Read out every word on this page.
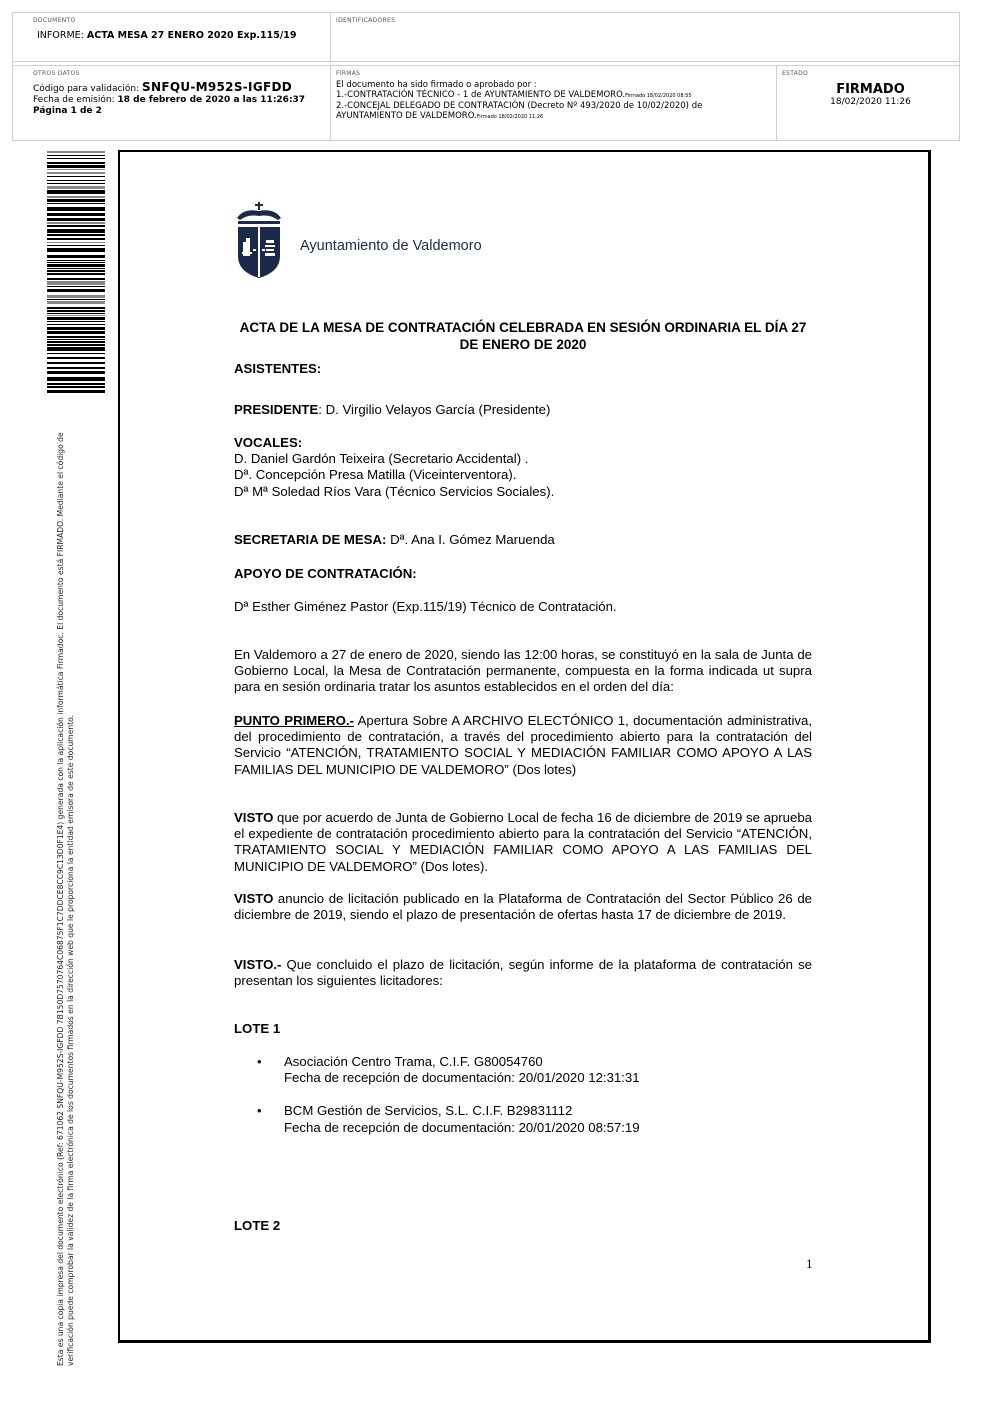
DOCUMENTO
INFORME: ACTA MESA 27 ENERO 2020 Exp.115/19
IDENTIFICADORES
OTROS DATOS
Código para validación: SNFQU-M952S-IGFDD
Fecha de emisión: 18 de febrero de 2020 a las 11:26:37
Página 1 de 2
FIRMAS
El documento ha sido firmado o aprobado por :
1.-CONTRATACIÓN TÉCNICO - 1 de AYUNTAMIENTO DE VALDEMORO.Firmado 18/02/2020 08:55
2.-CONCEJAL DELEGADO DE CONTRATACIÓN (Decreto Nº 493/2020 de 10/02/2020) de
AYUNTAMIENTO DE VALDEMORO.Firmado 18/02/2020 11:26
ESTADO
FIRMADO
18/02/2020 11:26
Esta es una copia impresa del documento electrónico (Ref: 671062 SNFQU-M952S-IGFDD 7B150D7570764C06875F1C7DDCE8CC9C13D0F1E4) generada con la aplicación informática Firmadoc. El documento está FIRMADO. Mediante el código de verificación puede comprobar la validez de la firma electrónica de los documentos firmados en la dirección web que le proporciona la entidad emisora de este documento.
Ayuntamiento de Valdemoro
ACTA DE LA MESA DE CONTRATACIÓN CELEBRADA EN SESIÓN ORDINARIA EL DÍA 27
DE ENERO DE 2020
ASISTENTES:
PRESIDENTE: D. Virgilio Velayos García (Presidente)
VOCALES:
D. Daniel Gardón Teixeira (Secretario Accidental) .
Dª. Concepción Presa Matilla (Viceinterventora).
Dª Mª Soledad Ríos Vara (Técnico Servicios Sociales).
SECRETARIA DE MESA: Dª. Ana I. Gómez Maruenda
APOYO DE CONTRATACIÓN:
Dª Esther Giménez Pastor (Exp.115/19) Técnico de Contratación.
En Valdemoro a 27 de enero de 2020, siendo las 12:00 horas, se constituyó en la sala de Junta de Gobierno Local, la Mesa de Contratación permanente, compuesta en la forma indicada ut supra para en sesión ordinaria tratar los asuntos establecidos en el orden del día:
PUNTO PRIMERO.- Apertura Sobre A ARCHIVO ELECTÓNICO 1, documentación administrativa, del procedimiento de contratación, a través del procedimiento abierto para la contratación del Servicio “ATENCIÓN, TRATAMIENTO SOCIAL Y MEDIACIÓN FAMILIAR COMO APOYO A LAS FAMILIAS DEL MUNICIPIO DE VALDEMORO” (Dos lotes)
VISTO que por acuerdo de Junta de Gobierno Local de fecha 16 de diciembre de 2019 se aprueba el expediente de contratación procedimiento abierto para la contratación del Servicio “ATENCIÓN, TRATAMIENTO SOCIAL Y MEDIACIÓN FAMILIAR COMO APOYO A LAS FAMILIAS DEL MUNICIPIO DE VALDEMORO” (Dos lotes).
VISTO anuncio de licitación publicado en la Plataforma de Contratación del Sector Público 26 de diciembre de 2019, siendo el plazo de presentación de ofertas hasta 17 de diciembre de 2019.
VISTO.- Que concluido el plazo de licitación, según informe de la plataforma de contratación se presentan los siguientes licitadores:
LOTE 1
• Asociación Centro Trama, C.I.F. G80054760
Fecha de recepción de documentación: 20/01/2020 12:31:31
• BCM Gestión de Servicios, S.L. C.I.F. B29831112
Fecha de recepción de documentación: 20/01/2020 08:57:19
LOTE 2
1
